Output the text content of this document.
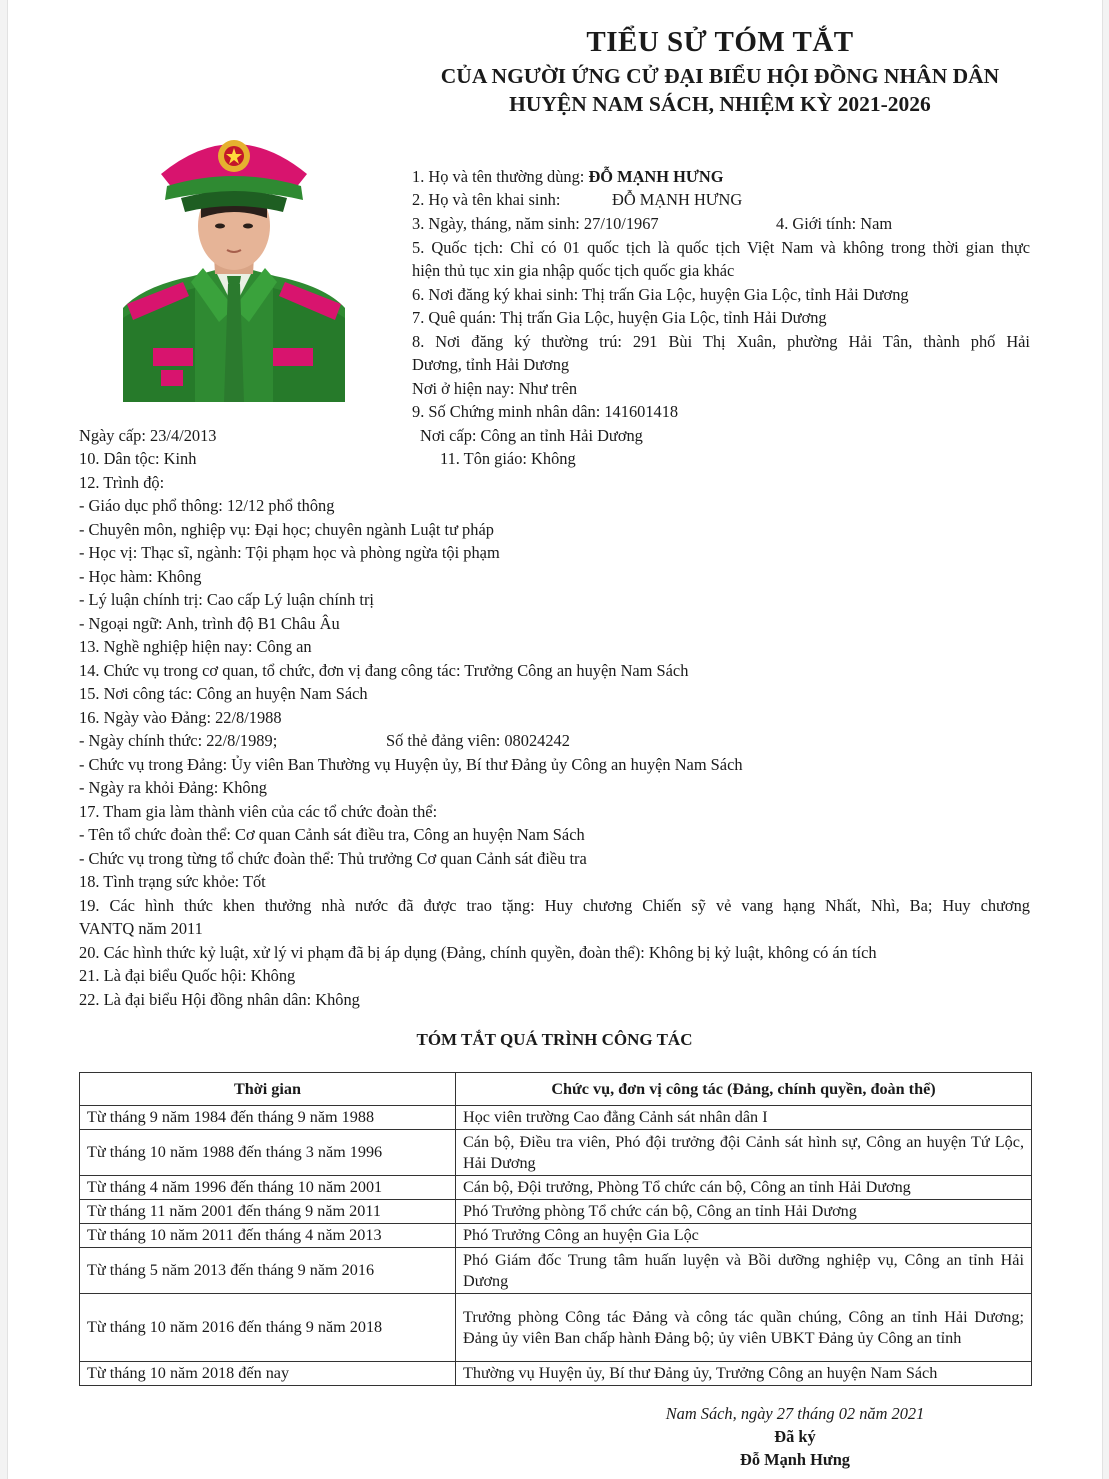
TIỂU SỬ TÓM TẮT
CỦA NGƯỜI ỨNG CỬ ĐẠI BIỂU HỘI ĐỒNG NHÂN DÂN
HUYỆN NAM SÁCH, NHIỆM KỲ 2021-2026
1. Họ và tên thường dùng: ĐỖ MẠNH HƯNG
2. Họ và tên khai sinh:	ĐỖ MẠNH HƯNG
3. Ngày, tháng, năm sinh: 27/10/1967	4. Giới tính: Nam
5. Quốc tịch: Chỉ có 01 quốc tịch là quốc tịch Việt Nam và không trong thời gian thực
hiện thủ tục xin gia nhập quốc tịch quốc gia khác
6. Nơi đăng ký khai sinh: Thị trấn Gia Lộc, huyện Gia Lộc, tỉnh Hải Dương
7. Quê quán: Thị trấn Gia Lộc, huyện Gia Lộc, tỉnh Hải Dương
8. Nơi đăng ký thường trú: 291 Bùi Thị Xuân, phường Hải Tân, thành phố Hải
Dương, tỉnh Hải Dương
Nơi ở hiện nay: Như trên
9. Số Chứng minh nhân dân: 141601418
Ngày cấp: 23/4/2013	Nơi cấp: Công an tỉnh Hải Dương
10. Dân tộc: Kinh	11. Tôn giáo: Không
12. Trình độ:
- Giáo dục phổ thông: 12/12 phổ thông
- Chuyên môn, nghiệp vụ: Đại học; chuyên ngành Luật tư pháp
- Học vị: Thạc sĩ, ngành: Tội phạm học và phòng ngừa tội phạm
- Học hàm: Không
- Lý luận chính trị: Cao cấp Lý luận chính trị
- Ngoại ngữ: Anh, trình độ B1 Châu Âu
13. Nghề nghiệp hiện nay: Công an
14. Chức vụ trong cơ quan, tổ chức, đơn vị đang công tác: Trưởng Công an huyện Nam Sách
15. Nơi công tác: Công an huyện Nam Sách
16. Ngày vào Đảng: 22/8/1988
- Ngày chính thức: 22/8/1989;	Số thẻ đảng viên: 08024242
- Chức vụ trong Đảng: Ủy viên Ban Thường vụ Huyện ủy, Bí thư Đảng ủy Công an huyện Nam Sách
- Ngày ra khỏi Đảng: Không
17. Tham gia làm thành viên của các tổ chức đoàn thể:
- Tên tổ chức đoàn thể: Cơ quan Cảnh sát điều tra, Công an huyện Nam Sách
- Chức vụ trong từng tổ chức đoàn thể: Thủ trưởng Cơ quan Cảnh sát điều tra
18. Tình trạng sức khỏe: Tốt
19. Các hình thức khen thưởng nhà nước đã được trao tặng: Huy chương Chiến sỹ vẻ vang hạng Nhất, Nhì, Ba; Huy chương
VANTQ năm 2011
20. Các hình thức kỷ luật, xử lý vi phạm đã bị áp dụng (Đảng, chính quyền, đoàn thể): Không bị kỷ luật, không có án tích
21. Là đại biểu Quốc hội: Không
22. Là đại biểu Hội đồng nhân dân: Không
TÓM TẮT QUÁ TRÌNH CÔNG TÁC
Thời gian	Chức vụ, đơn vị công tác (Đảng, chính quyền, đoàn thể)
Từ tháng 9 năm 1984 đến tháng 9 năm 1988	Học viên trường Cao đẳng Cảnh sát nhân dân I
Từ tháng 10 năm 1988 đến tháng 3 năm 1996	Cán bộ, Điều tra viên, Phó đội trưởng đội Cảnh sát hình sự, Công an huyện Tứ Lộc, Hải Dương
Từ tháng 4 năm 1996 đến tháng 10 năm 2001	Cán bộ, Đội trưởng, Phòng Tổ chức cán bộ, Công an tỉnh Hải Dương
Từ tháng 11 năm 2001 đến tháng 9 năm 2011	Phó Trưởng phòng Tổ chức cán bộ, Công an tỉnh Hải Dương
Từ tháng 10 năm 2011 đến tháng 4 năm 2013	Phó Trưởng Công an huyện Gia Lộc
Từ tháng 5 năm 2013 đến tháng 9 năm 2016	Phó Giám đốc Trung tâm huấn luyện và Bồi dưỡng nghiệp vụ, Công an tỉnh Hải Dương
Từ tháng 10 năm 2016 đến tháng 9 năm 2018	Trưởng phòng Công tác Đảng và công tác quần chúng, Công an tỉnh Hải Dương; Đảng ủy viên Ban chấp hành Đảng bộ; ủy viên UBKT Đảng ủy Công an tỉnh
Từ tháng 10 năm 2018 đến nay	Thường vụ Huyện ủy, Bí thư Đảng ủy, Trưởng Công an huyện Nam Sách
Nam Sách, ngày 27 tháng 02 năm 2021
Đã ký
Đỗ Mạnh Hưng
